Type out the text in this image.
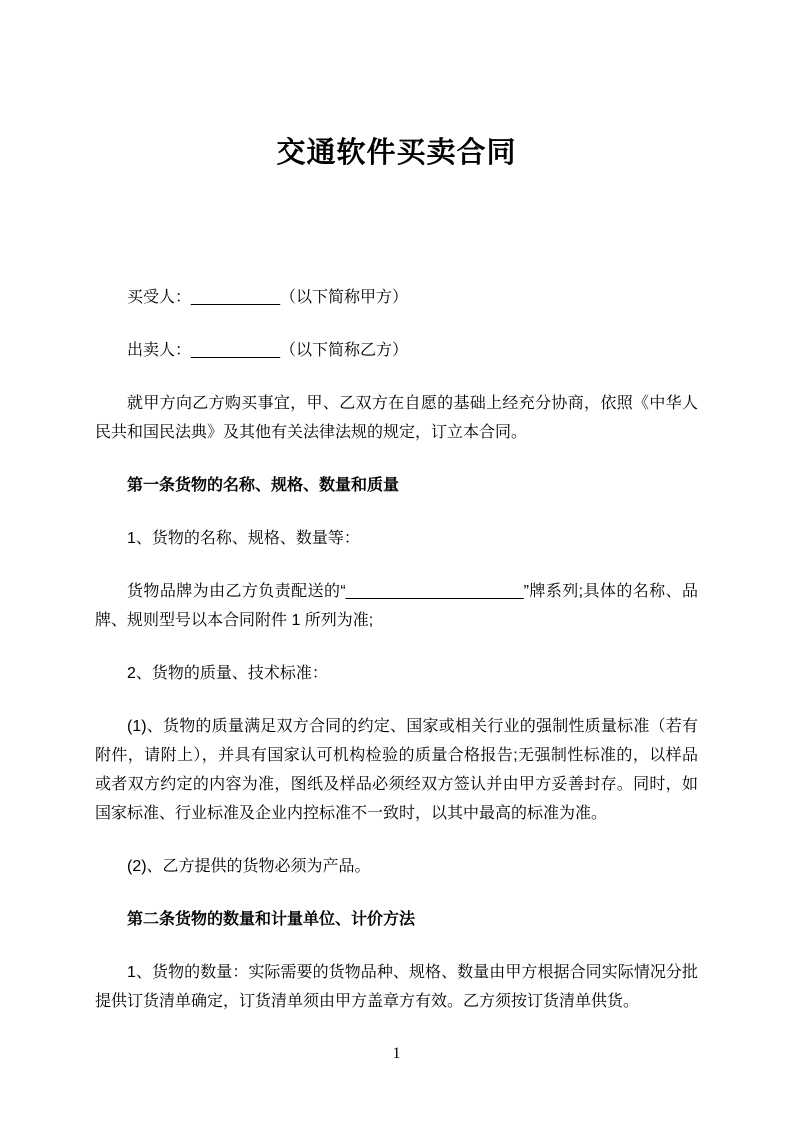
交通软件买卖合同

买受人：__________（以下简称甲方）

出卖人：__________（以下简称乙方）

就甲方向乙方购买事宜，甲、乙双方在自愿的基础上经充分协商，依照《中华人民共和国民法典》及其他有关法律法规的规定，订立本合同。

第一条货物的名称、规格、数量和质量

1、货物的名称、规格、数量等：

货物品牌为由乙方负责配送的“____________________”牌系列;具体的名称、品牌、规则型号以本合同附件 1 所列为准;

2、货物的质量、技术标准：

(1)、货物的质量满足双方合同的约定、国家或相关行业的强制性质量标准（若有附件，请附上），并具有国家认可机构检验的质量合格报告;无强制性标准的，以样品或者双方约定的内容为准，图纸及样品必须经双方签认并由甲方妥善封存。同时，如国家标准、行业标准及企业内控标准不一致时，以其中最高的标准为准。

(2)、乙方提供的货物必须为产品。

第二条货物的数量和计量单位、计价方法

1、货物的数量：实际需要的货物品种、规格、数量由甲方根据合同实际情况分批提供订货清单确定，订货清单须由甲方盖章方有效。乙方须按订货清单供货。

1
